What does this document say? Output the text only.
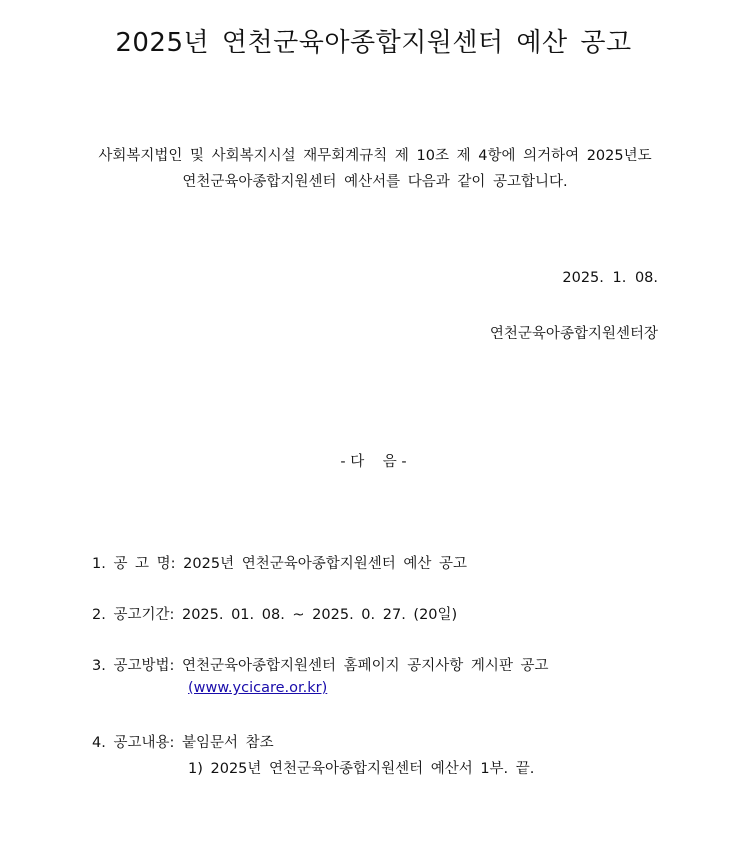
2025년 연천군육아종합지원센터 예산 공고
사회복지법인 및 사회복지시설 재무회계규칙 제 10조 제 4항에 의거하여 2025년도
연천군육아종합지원센터 예산서를 다음과 같이 공고합니다.
2025. 1. 08.
연천군육아종합지원센터장
- 다    음 -
1. 공 고 명: 2025년 연천군육아종합지원센터 예산 공고
2. 공고기간: 2025. 01. 08. ~ 2025. 0. 27. (20일)
3. 공고방법: 연천군육아종합지원센터 홈페이지 공지사항 게시판 공고
(www.ycicare.or.kr)
4. 공고내용: 붙임문서 참조
1) 2025년 연천군육아종합지원센터 예산서 1부. 끝.
